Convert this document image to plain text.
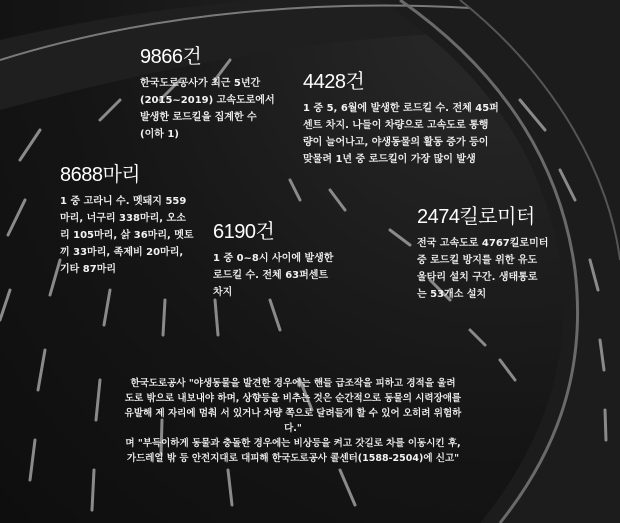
9866건
한국도로공사가 최근 5년간
(2015~2019) 고속도로에서
발생한 로드킬을 집계한 수
(이하 1)
4428건
1 중 5, 6월에 발생한 로드킬 수. 전체 45퍼
센트 차지. 나들이 차량으로 고속도로 통행
량이 늘어나고, 야생동물의 활동 증가 등이
맞물려 1년 중 로드킬이 가장 많이 발생
8688마리
1 중 고라니 수. 멧돼지 559
마리, 너구리 338마리, 오소
리 105마리, 삵 36마리, 멧토
끼 33마리, 족제비 20마리,
기타 87마리
6190건
1 중 0~8시 사이에 발생한
로드킬 수. 전체 63퍼센트
차지
2474킬로미터
전국 고속도로 4767킬로미터
중 로드킬 방지를 위한 유도
울타리 설치 구간. 생태통로
는 53개소 설치
한국도로공사 "야생동물을 발견한 경우에는 핸들 급조작을 피하고 경적을 울려
도로 밖으로 내보내야 하며, 상향등을 비추는 것은 순간적으로 동물의 시력장애를
유발해 제 자리에 멈춰 서 있거나 차량 쪽으로 달려들게 할 수 있어 오히려 위험하다."
며 "부득이하게 동물과 충돌한 경우에는 비상등을 켜고 갓길로 차를 이동시킨 후,
가드레일 밖 등 안전지대로 대피해 한국도로공사 콜센터(1588-2504)에 신고"
